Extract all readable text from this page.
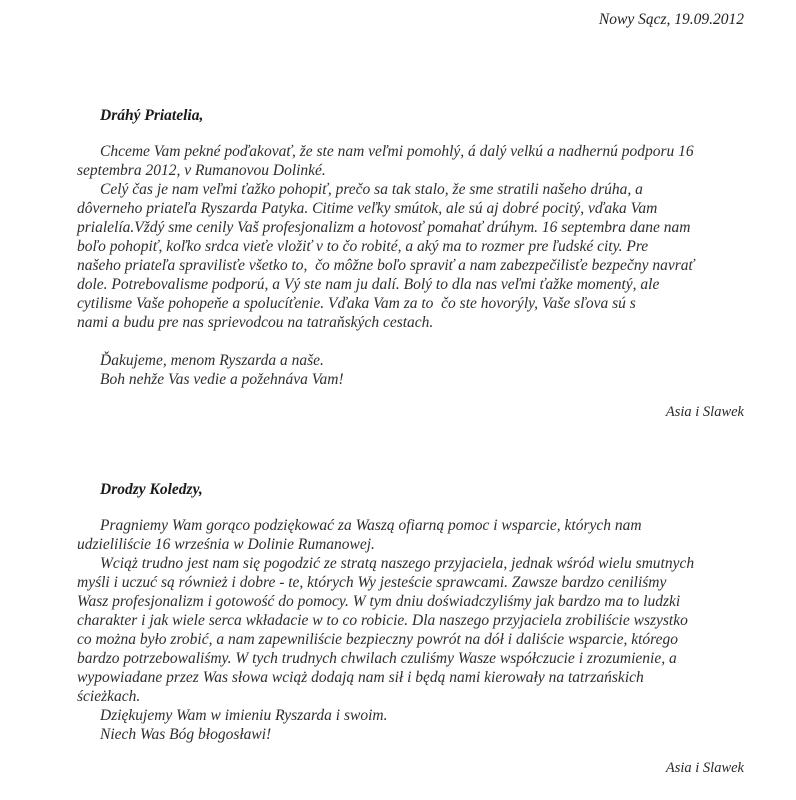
Nowy Sącz, 19.09.2012

Dráhý Priatelia,

Chceme Vam pekné poďakovať, že ste nam veľmi pomohlý, á dalý velkú a nadhernú podporu 16
septembra 2012, v Rumanovou Dolinké.
Celý čas je nam veľmi ťažko pohopiť, prečo sa tak stalo, že sme stratili našeho drúha, a
dôverneho priateľa Ryszarda Patyka. Citime veľky smútok, ale sú aj dobré pocitý, vďaka Vam
prialelía.Vždý sme cenily Vaš profesjonalizm a hotovosť pomahať drúhym. 16 septembra dane nam
boľo pohopiť, koľko srdca vieťe vložiť v to čo robité, a aký ma to rozmer pre ľudské city. Pre
našeho priateľa spravilisťe všetko to,  čo môžne boľo spraviť a nam zabezpečilisťe bezpečny navrať
dole. Potrebovalisme podporú, a Vý ste nam ju dalí. Bolý to dla nas veľmi ťažke momentý, ale
cytilisme Vaše pohopeňe a spolucíťenie. Vďaka Vam za to  čo ste hovorýly, Vaše sľova sú s
nami a budu pre nas sprievodcou na tatraňských cestach.
Ďakujeme, menom Ryszarda a naše.
Boh nehže Vas vedie a požehnáva Vam!
Asia i Slawek

Drodzy Koledzy,

Pragniemy Wam gorąco podziękować za Waszą ofiarną pomoc i wsparcie, których nam
udzieliliście 16 września w Dolinie Rumanowej.
Wciąż trudno jest nam się pogodzić ze stratą naszego przyjaciela, jednak wśród wielu smutnych
myśli i uczuć są również i dobre - te, których Wy jesteście sprawcami. Zawsze bardzo ceniliśmy
Wasz profesjonalizm i gotowość do pomocy. W tym dniu doświadczyliśmy jak bardzo ma to ludzki
charakter i jak wiele serca wkładacie w to co robicie. Dla naszego przyjaciela zrobiliście wszystko
co można było zrobić, a nam zapewniliście bezpieczny powrót na dół i daliście wsparcie, którego
bardzo potrzebowaliśmy. W tych trudnych chwilach czuliśmy Wasze współczucie i zrozumienie, a
wypowiadane przez Was słowa wciąż dodają nam sił i będą nami kierowały na tatrzańskich
ścieżkach.
Dziękujemy Wam w imieniu Ryszarda i swoim.
Niech Was Bóg błogosławi!
Asia i Slawek
